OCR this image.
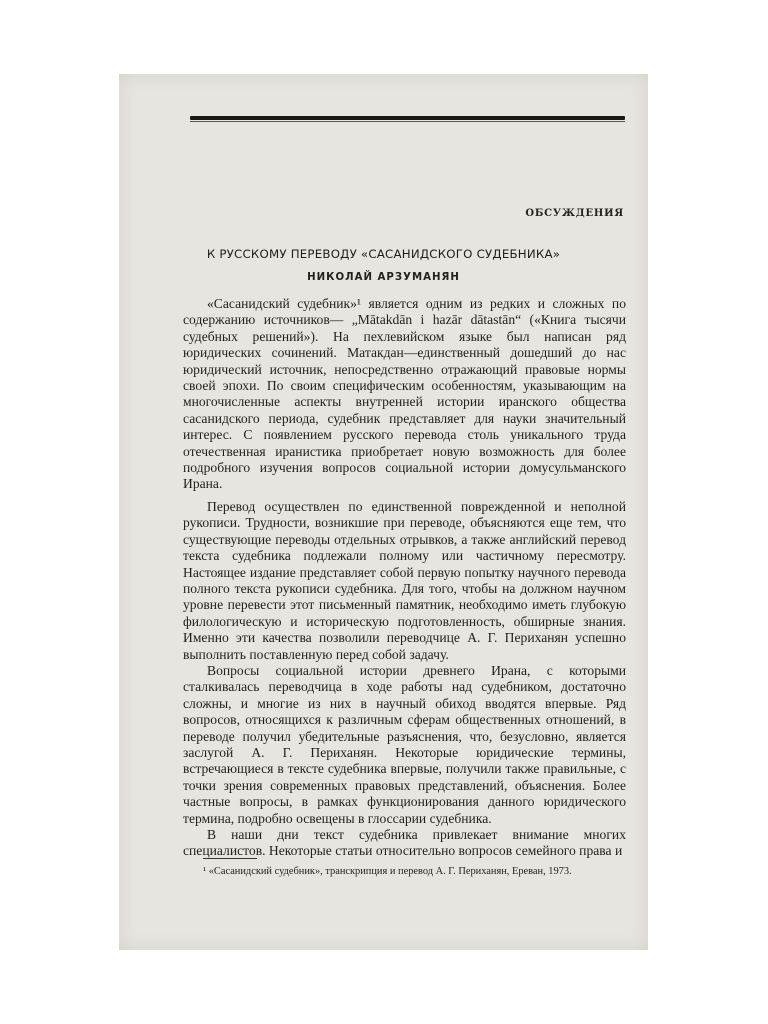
ОБСУЖДЕНИЯ
К РУССКОМУ ПЕРЕВОДУ «САСАНИДСКОГО СУДЕБНИКА»
НИКОЛАЙ АРЗУМАНЯН

«Сасанидский судебник»¹ является одним из редких и сложных по содержанию источников— „Mātakdān i hazār dātastān“ («Книга тысячи судебных решений»). На пехлевийском языке был написан ряд юридических сочинений. Матакдан—единственный дошедший до нас юридический источник, непосредственно отражающий правовые нормы своей эпохи. По своим специфическим особенностям, указывающим на многочисленные аспекты внутренней истории иранского общества сасанидского периода, судебник представляет для науки значительный интерес. С появлением русского перевода столь уникального труда отечественная иранистика приобретает новую возможность для более подробного изучения вопросов социальной истории домусульманского Ирана.

Перевод осуществлен по единственной поврежденной и неполной рукописи. Трудности, возникшие при переводе, объясняются еще тем, что существующие переводы отдельных отрывков, а также английский перевод текста судебника подлежали полному или частичному пересмотру. Настоящее издание представляет собой первую попытку научного перевода полного текста рукописи судебника. Для того, чтобы на должном научном уровне перевести этот письменный памятник, необходимо иметь глубокую филологическую и историческую подготовленность, обширные знания. Именно эти качества позволили переводчице А. Г. Периханян успешно выполнить поставленную перед собой задачу.

Вопросы социальной истории древнего Ирана, с которыми сталкивалась переводчица в ходе работы над судебником, достаточно сложны, и многие из них в научный обиход вводятся впервые. Ряд вопросов, относящихся к различным сферам общественных отношений, в переводе получил убедительные разъяснения, что, безусловно, является заслугой А. Г. Периханян. Некоторые юридические термины, встречающиеся в тексте судебника впервые, получили также правильные, с точки зрения современных правовых представлений, объяснения. Более частные вопросы, в рамках функционирования данного юридического термина, подробно освещены в глоссарии судебника.

В наши дни текст судебника привлекает внимание многих специалистов. Некоторые статьи относительно вопросов семейного права и

¹ «Сасанидский судебник», транскрипция и перевод А. Г. Периханян, Ереван, 1973.
